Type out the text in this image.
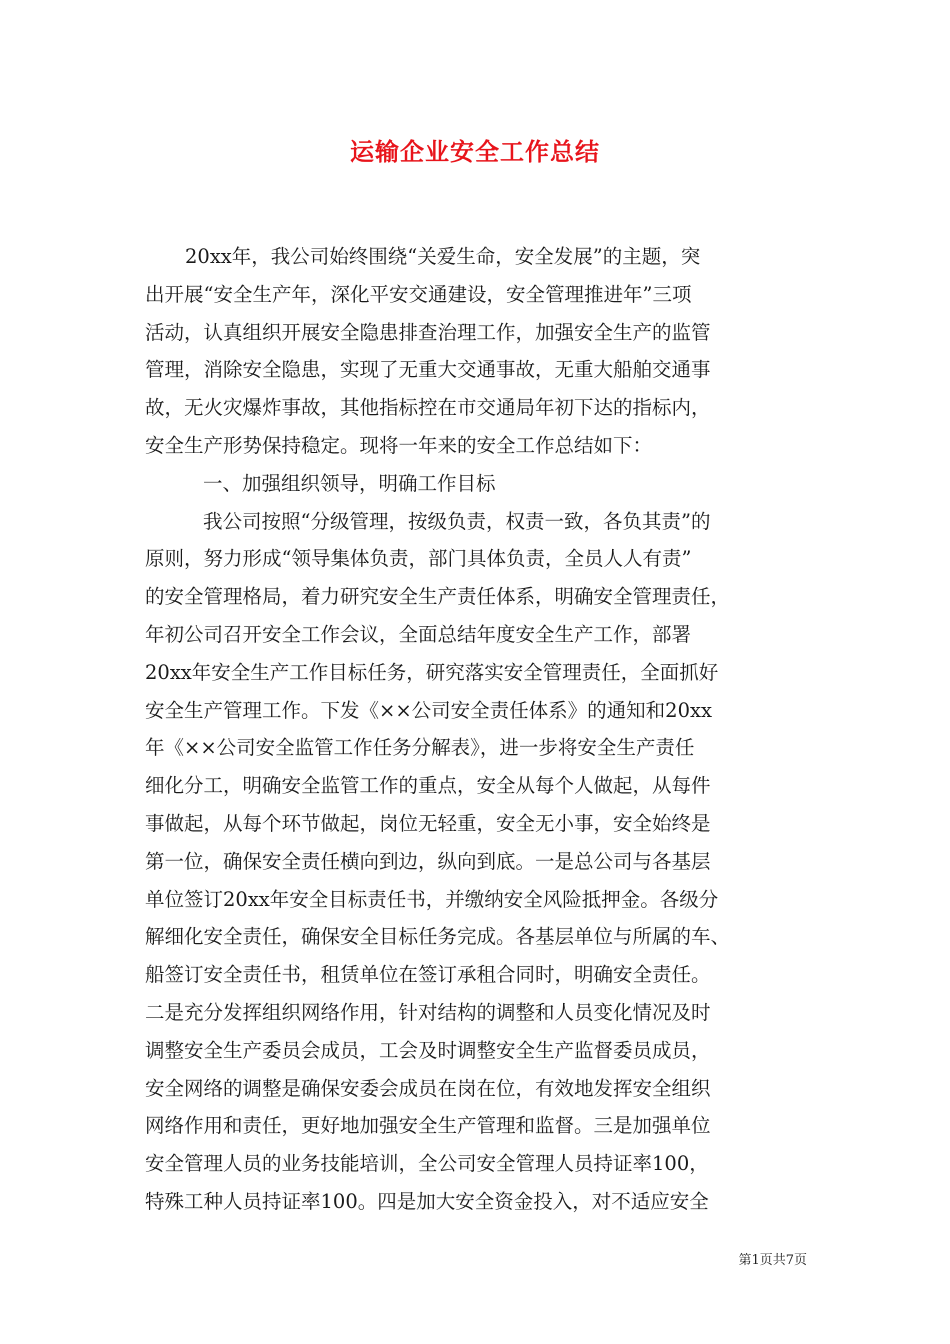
运输企业安全工作总结
20xx年，我公司始终围绕“关爱生命，安全发展”的主题，突
出开展“安全生产年，深化平安交通建设，安全管理推进年”三项
活动，认真组织开展安全隐患排查治理工作，加强安全生产的监管
管理，消除安全隐患，实现了无重大交通事故，无重大船舶交通事
故，无火灾爆炸事故，其他指标控在市交通局年初下达的指标内，
安全生产形势保持稳定。现将一年来的安全工作总结如下：
一、加强组织领导，明确工作目标
我公司按照“分级管理，按级负责，权责一致，各负其责”的
原则，努力形成“领导集体负责，部门具体负责，全员人人有责”
的安全管理格局，着力研究安全生产责任体系，明确安全管理责任，
年初公司召开安全工作会议，全面总结年度安全生产工作，部署
20xx年安全生产工作目标任务，研究落实安全管理责任，全面抓好
安全生产管理工作。下发《××公司安全责任体系》的通知和20xx
年《××公司安全监管工作任务分解表》，进一步将安全生产责任
细化分工，明确安全监管工作的重点，安全从每个人做起，从每件
事做起，从每个环节做起，岗位无轻重，安全无小事，安全始终是
第一位，确保安全责任横向到边，纵向到底。一是总公司与各基层
单位签订20xx年安全目标责任书，并缴纳安全风险抵押金。各级分
解细化安全责任，确保安全目标任务完成。各基层单位与所属的车、
船签订安全责任书，租赁单位在签订承租合同时，明确安全责任。
二是充分发挥组织网络作用，针对结构的调整和人员变化情况及时
调整安全生产委员会成员，工会及时调整安全生产监督委员成员，
安全网络的调整是确保安委会成员在岗在位，有效地发挥安全组织
网络作用和责任，更好地加强安全生产管理和监督。三是加强单位
安全管理人员的业务技能培训，全公司安全管理人员持证率100，
特殊工种人员持证率100。四是加大安全资金投入，对不适应安全
第1页共7页
